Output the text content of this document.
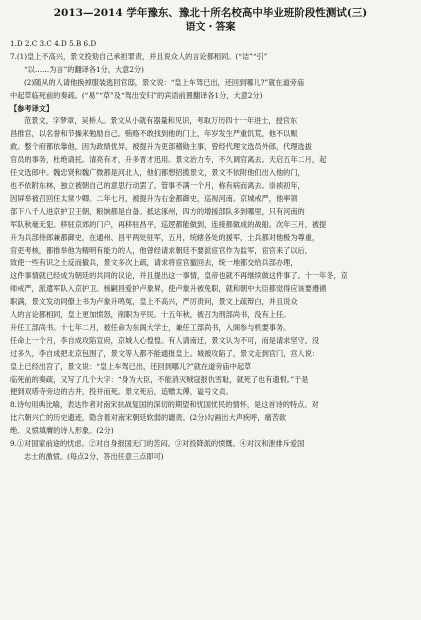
2013—2014 学年豫东、豫北十所名校高中毕业班阶段性测试(三)
语文・答案
1.D 2.C 3.C 4.D 5.B 6.D
7.(1)皇上不高兴，景文投劾自己承担罪责，并且说众人的言论都相同。(“诘”“引”
“以……为言”的翻译各1分，大意2分)
(2)随从的人请他换掉服装逃回官邸，景文说：“皇上车驾已出，还回到哪儿?”就在道旁庙
中起草临死前的奏疏。(“易”“草”及“驾出安归”的宾语前置翻译各1分，大意2分)
【参考译文】
范景文，字梦章，吴桥人。景文从小就有器量和见识，考取万历四十一年进士，授官东
昌推官，以名誉和节操来勉励自己。贿赂不敢找到他的门上，年岁发生严重饥荒，他不以赈
救。整个府都依靠他，因为政绩优异，被提升为吏部稽勋主事，曾经代理文选员外郎，代理选拔
官员的事务，杜绝请托。清亮有才，升多晋才迅用。景文治力专，不久调官离去。天启五年二月，起
任文选郎中。魏忠贤和魏广微都是河北人，他们都想招揽景文，景文不依附他们出入他的门，
也不依附东林，独立被朝自己的意思行动罢了。管事不满一个月，称有病而离去。崇祯初年，
因屏举被召回任太常少卿。二年七月，被提升为右金都御史，巡视河南。京城戒严，他率领
部下八千人进京护卫王朝，粮饷都是自备。抵达涿州，四方的增援部队多到哪里，只有河南的
军队秋毫无犯。移驻京郊的门户，再移驻昌平，巡逻都能做到，连接都做成的战船。次年三月，被提
升为兵部侍郎兼都御史，在通州、昌平两处驻军，五月，统辖各处的援军，士兵都对他极为尊重，
官吏考核，都推举他为精明有能力的人，他曾经请求朝廷不要派宦官作为监军，宦官来了以后，
致使一些有识之士反而撤兵，景文多次上疏，请求将宦官撤回去，统一地都交给兵部办理，
这件事情就已经成为朝廷的共同的议论，并且提出这一事情，皇帝也就不再继续做这件事了。十一年冬，京
师戒严，派遣军队入京护卫。杨嗣昌爱护卢象昇，使卢象升被免职，就和朝中大臣都觉得应该要遵循
职满，景文发动同僚上书为卢象升鸣冤，皇上不高兴，严厉责问，景文上疏辩白，并且说众
人的言论都相同，皇上更加愤怒，削职为平民。十五年秋，被召为刑部尚书，没有上任。
升任工部尚书。十七年二月，被任命为东阁大学士，兼任工部尚书，入阁参与机要事务。
任命上一个月，李自成攻陷宣府，京城人心惶惶。有人请南迁，景文认为不可，而是请求坚守。没
过多久，李自成把北京包围了，景文等人都不能通报皇上。城被攻陷了，景文走到宫门，宫人说：
皇上已经出宫了，景文说：“皇上车驾已出，还回到哪儿?”就在道旁庙中起草
临死前的奏疏，又写了几个大字：“身为大臣，不能消灭贼寇报仇雪耻，就死了也有遗恨。”于是
便到双塔寺旁边的古井，投井而死。景文死后，追赠太傅，谥号文贞。
8.诗句用典比喻，表达作者对南宋抗战复国的深切的期望和忧国忧民的情怀，是这首诗的特点。对
比六朝兴亡的历史遗迹，隐含着对南宋朝廷软弱的谴责。(2分)勾画出大声疾呼，痛苦欲
绝、义愤填膺的诗人形象。(2分)
9.①对国家前途的忧虑。②对自身报国无门的苦闷。③对投降派的愤慨。④对汉和泄排斥爱国
志士的激愤。(每点2分，答出任意三点即可)
